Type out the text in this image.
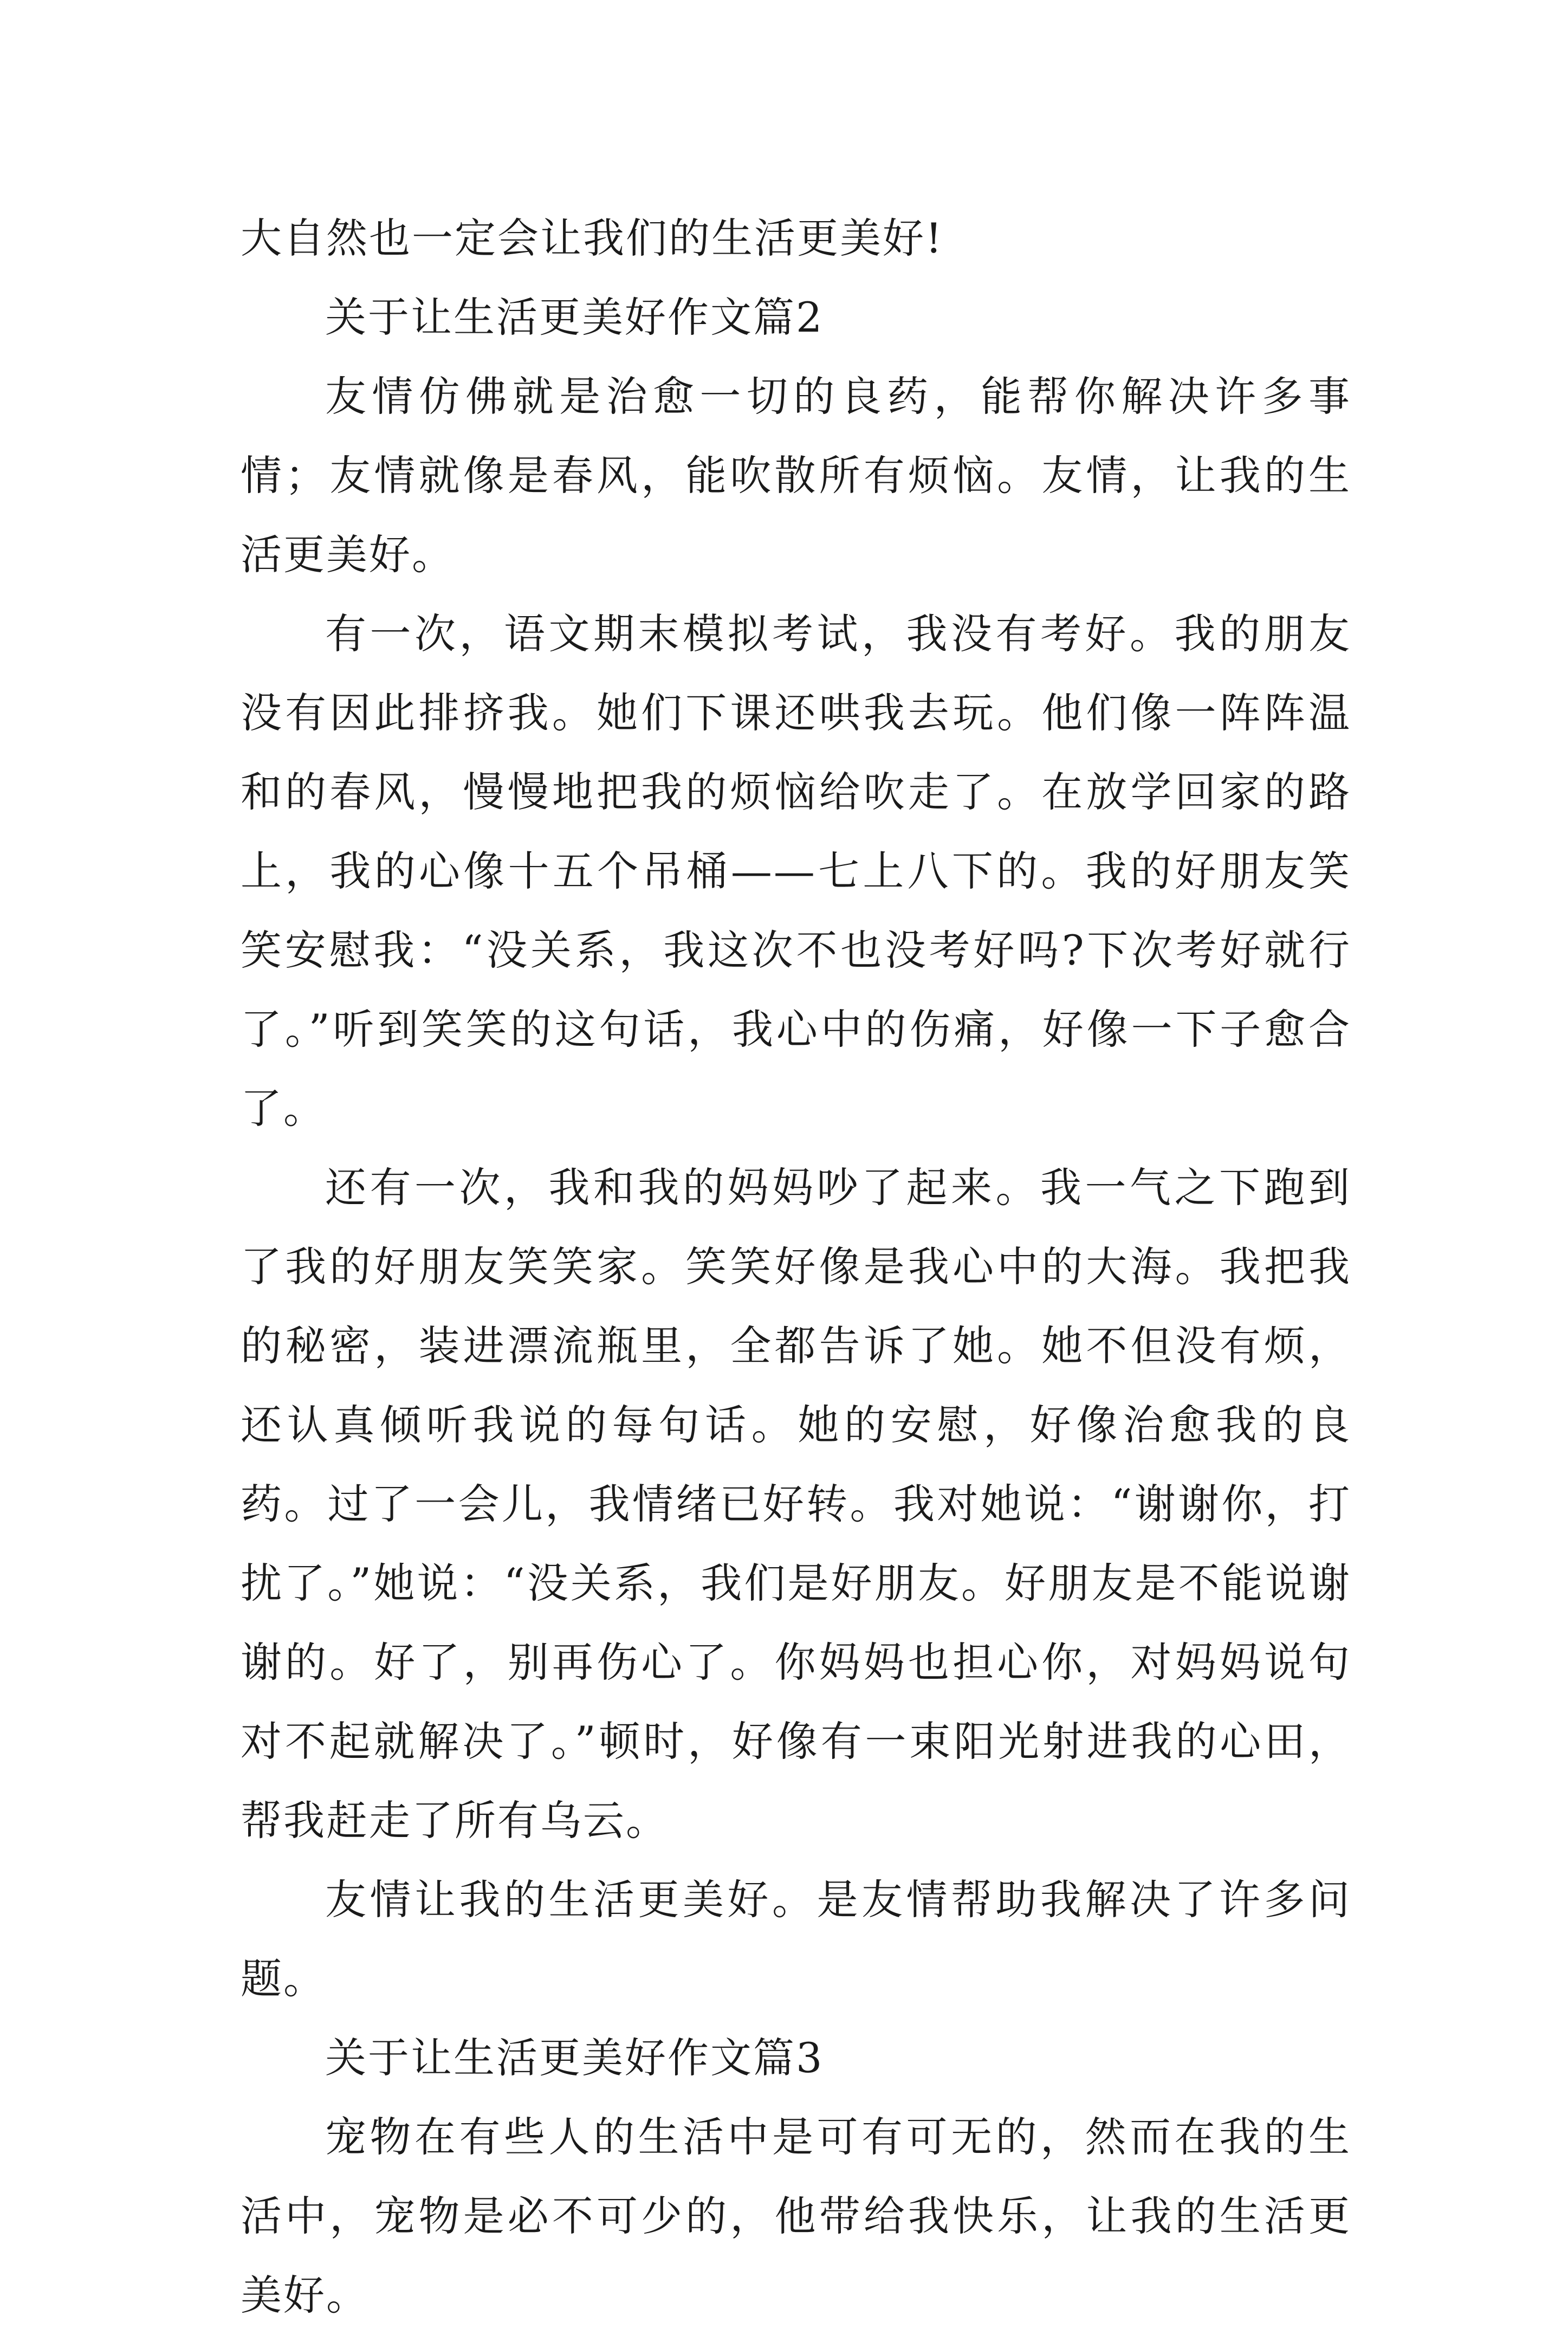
大自然也一定会让我们的生活更美好!

关于让生活更美好作文篇2

友情仿佛就是治愈一切的良药，能帮你解决许多事情；友情就像是春风，能吹散所有烦恼。友情，让我的生活更美好。

有一次，语文期末模拟考试，我没有考好。我的朋友没有因此排挤我。她们下课还哄我去玩。他们像一阵阵温和的春风，慢慢地把我的烦恼给吹走了。在放学回家的路上，我的心像十五个吊桶——七上八下的。我的好朋友笑笑安慰我：“没关系，我这次不也没考好吗?下次考好就行了。”听到笑笑的这句话，我心中的伤痛，好像一下子愈合了。

还有一次，我和我的妈妈吵了起来。我一气之下跑到了我的好朋友笑笑家。笑笑好像是我心中的大海。我把我的秘密，装进漂流瓶里，全都告诉了她。她不但没有烦，还认真倾听我说的每句话。她的安慰，好像治愈我的良药。过了一会儿，我情绪已好转。我对她说：“谢谢你，打扰了。”她说：“没关系，我们是好朋友。好朋友是不能说谢谢的。好了，别再伤心了。你妈妈也担心你，对妈妈说句对不起就解决了。”顿时，好像有一束阳光射进我的心田，帮我赶走了所有乌云。

友情让我的生活更美好。是友情帮助我解决了许多问题。

关于让生活更美好作文篇3

宠物在有些人的生活中是可有可无的，然而在我的生活中，宠物是必不可少的，他带给我快乐，让我的生活更美好。
